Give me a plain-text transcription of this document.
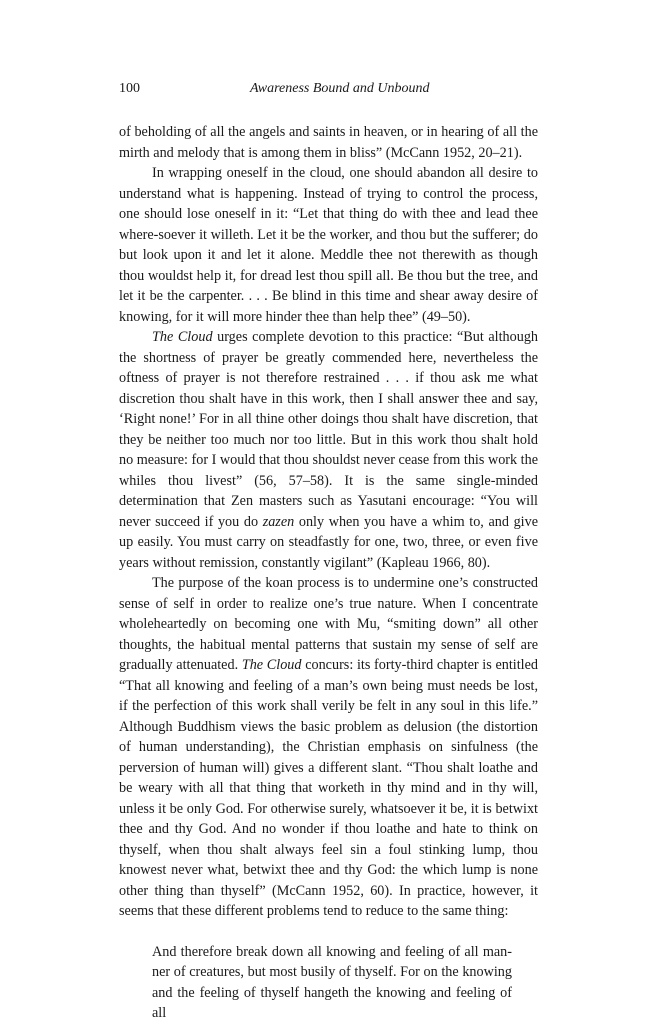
100	Awareness Bound and Unbound

of beholding of all the angels and saints in heaven, or in hearing of all the mirth and melody that is among them in bliss” (McCann 1952, 20–21).

In wrapping oneself in the cloud, one should abandon all desire to understand what is happening. Instead of trying to control the process, one should lose oneself in it: “Let that thing do with thee and lead thee where-soever it willeth. Let it be the worker, and thou but the sufferer; do but look upon it and let it alone. Meddle thee not therewith as though thou wouldst help it, for dread lest thou spill all. Be thou but the tree, and let it be the carpenter. . . . Be blind in this time and shear away desire of knowing, for it will more hinder thee than help thee” (49–50).

The Cloud urges complete devotion to this practice: “But although the shortness of prayer be greatly commended here, nevertheless the oftness of prayer is not therefore restrained . . . if thou ask me what discretion thou shalt have in this work, then I shall answer thee and say, ‘Right none!’ For in all thine other doings thou shalt have discretion, that they be neither too much nor too little. But in this work thou shalt hold no measure: for I would that thou shouldst never cease from this work the whiles thou livest” (56, 57–58). It is the same single-minded determination that Zen masters such as Yasutani encourage: “You will never succeed if you do zazen only when you have a whim to, and give up easily. You must carry on steadfastly for one, two, three, or even five years without remission, constantly vigilant” (Kapleau 1966, 80).

The purpose of the koan process is to undermine one’s constructed sense of self in order to realize one’s true nature. When I concentrate wholeheartedly on becoming one with Mu, “smiting down” all other thoughts, the habitual mental patterns that sustain my sense of self are gradually attenuated. The Cloud concurs: its forty-third chapter is entitled “That all knowing and feeling of a man’s own being must needs be lost, if the perfection of this work shall verily be felt in any soul in this life.” Although Buddhism views the basic problem as delusion (the distortion of human understanding), the Christian emphasis on sinfulness (the perversion of human will) gives a different slant. “Thou shalt loathe and be weary with all that thing that worketh in thy mind and in thy will, unless it be only God. For otherwise surely, whatsoever it be, it is betwixt thee and thy God. And no wonder if thou loathe and hate to think on thyself, when thou shalt always feel sin a foul stinking lump, thou knowest never what, betwixt thee and thy God: the which lump is none other thing than thyself” (McCann 1952, 60). In practice, however, it seems that these different problems tend to reduce to the same thing:

And therefore break down all knowing and feeling of all man-ner of creatures, but most busily of thyself. For on the knowing and the feeling of thyself hangeth the knowing and feeling of all
